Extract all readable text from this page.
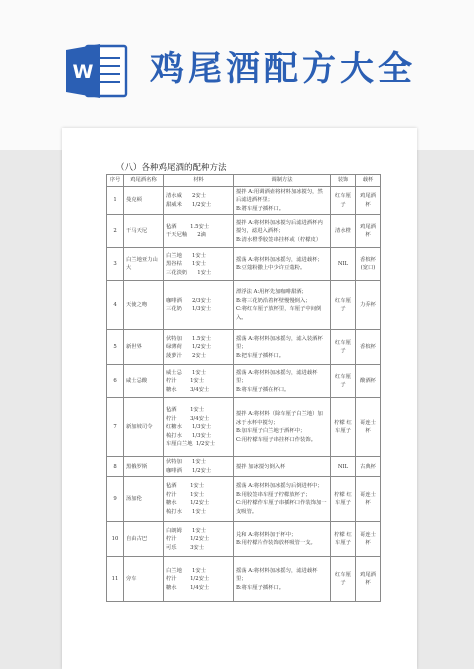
W 鸡尾酒配方大全
（八）各种鸡尾酒的配种方法
序号	鸡尾酒名称	材料	调制方法	装饰	载杯
1	曼克顿	清水威      2安士
甜威米      1/2安士	搅拌 A:用调酒壶将材料加冰搅匀，然后滤进酒杯里；
B:將车厘子插杯口。	红车厘子	鸡尾酒杯
2	干马天尼	毡酒        1.5安士
干天尼釉      2滴	搅拌 A:将材料加冰搅匀后滤进酒杯内搅匀，滤进入酒杯；
B:清水橙季胶签串挂杯或（柠檬皮）	清水橙	鸡尾酒杯
3	白兰地亚力山大	白兰地      1安士
黑谷枯      1安士
三花淡奶      1安士	摇荡 A:将材料加冰摇匀，滤进载杯；
B:豆蔻粉撒上中少许豆蔻粉。	NIL	香槟杯(宽口)
4	天使之吻	咖啡酒      2/3安士
三花奶      1/3安士	漂浮法 A:用杯先加咖啡甜酒；
B:将三花奶沿着杯壁慢慢倒入；
C:将红车厘子放杯里，车厘子中间倒入。	红车厘子	力乔杯
5	新世界	伏特加      1.5安士
绿薄荷      1/2安士
菠萝汁      2安士	摇荡 A:将材料加冰摇匀，滤入装酒杯里；
B:把车厘子插杯口。	红车厘子	香槟杯
6	咸士忌酸	威士忌      1安士
柠汁        1安士
糖水        3/4安士	摇荡 A:将材料加冰摇匀，滤进载杯里；
B:将车厘子插在杯口。	红车厘子	酸酒杯
7	新加坡司令	毡酒        1安士
柠汁        3/4安士
红糖水      1/3安士
梳打水      1/3安士
车厘白兰地  1/2安士	搅拌 A:将材料（除车厘子白兰地）加冰于水杯中搅匀；
B:加车厘子白兰地于酒杯中；
C:用柠檬车厘子串挂杯口作装饰。	柠檬 红车厘子	哥连士杯
8	黑俄罗斯	伏特加      1安士
咖啡酒      1/2安士	搅拌 加冰搅匀倒入杯	NIL	古典杯
9	汤加伦	毡酒        1安士
柠汁        1安士
糖水        1/2安士
梳打水      1安士	摇荡 A:将材料加冰摇匀后倒进杯中；
B:用胶签串车厘子柠檬放杯子；
C:用柠檬作车厘子串插杯口作装饰加一支吸管。	柠檬 红车厘子	哥连士杯
10	自由古巴	白朗姆      1安士
柠汁        1/2安士
可乐        3安士	兑和 A:将材料加于杯中；
B:用柠檬片作装饰放杯吸管一支。	柠檬 红车厘子	哥连士杯
11	旁车	白兰地      1安士
柠汁        1/2安士
糖水        1/4安士	摇荡 A:将材料加冰摇匀，滤进载杯里；
B:将车厘子插杯口。	红车厘子	鸡尾酒杯
